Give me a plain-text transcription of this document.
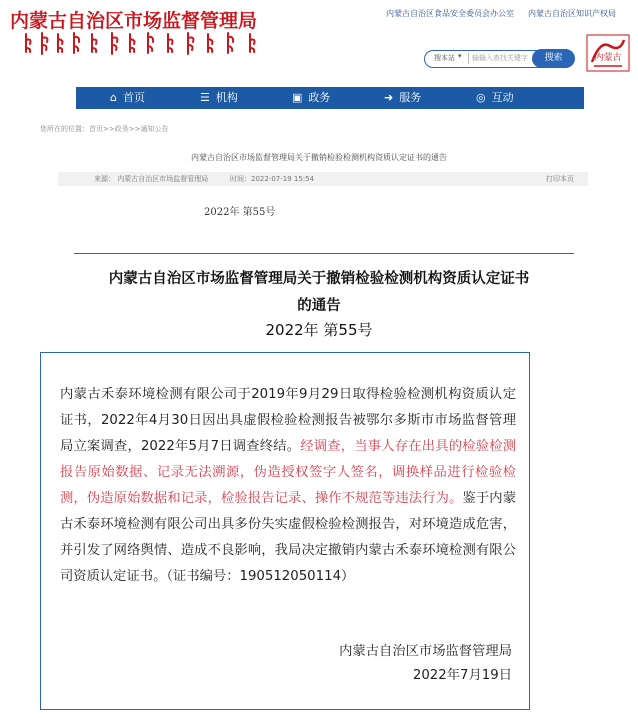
内蒙古自治区市场监督管理局	内蒙古自治区食品安全委员会办公室 内蒙古自治区知识产权局
搜本站 ▾ 输输入查找关键字	搜索	内蒙古
⌂ 首页	☰ 机构	▣ 政务	➜ 服务	◎ 互动
您所在的位置：首页>>政务>>通知公告
内蒙古自治区市场监督管理局关于撤销检验检测机构资质认定证书的通告
来源： 内蒙古自治区市场监督管理局	时间：2022-07-19 15:54	打印本页
2022年 第55号
内蒙古自治区市场监督管理局关于撤销检验检测机构资质认定证书
的通告
2022年 第55号
内蒙古禾泰环境检测有限公司于2019年9月29日取得检验检测机构资质认定证书，2022年4月30日因出具虚假检验检测报告被鄂尔多斯市市场监督管理局立案调查，2022年5月7日调查终结。经调查，当事人存在出具的检验检测报告原始数据、记录无法溯源，伪造授权签字人签名，调换样品进行检验检测，伪造原始数据和记录，检验报告记录、操作不规范等违法行为。鉴于内蒙古禾泰环境检测有限公司出具多份失实虚假检验检测报告，对环境造成危害，并引发了网络舆情、造成不良影响，我局决定撤销内蒙古禾泰环境检测有限公司资质认定证书。（证书编号：190512050114）
内蒙古自治区市场监督管理局
2022年7月19日
